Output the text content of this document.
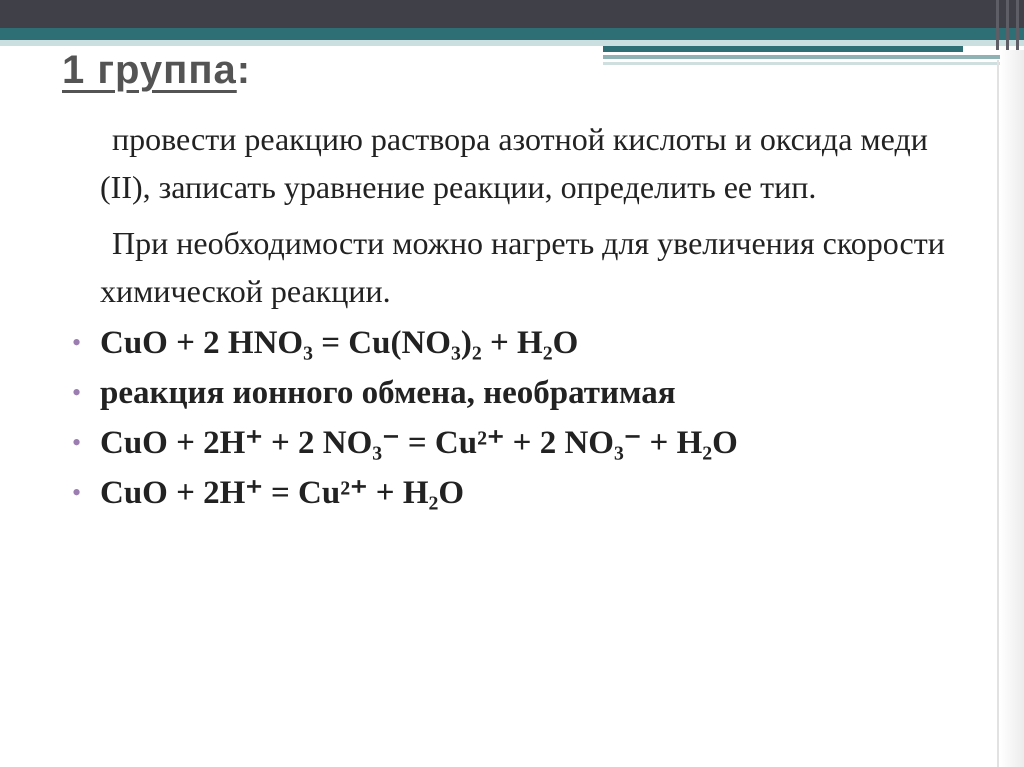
1 группа:

провести реакцию раствора азотной кислоты и оксида меди (II), записать уравнение реакции, определить ее тип.

При необходимости можно нагреть для увеличения скорости химической реакции.

• CuO + 2 HNO₃ = Cu(NO₃)₂ + H₂O
• реакция ионного обмена, необратимая
• CuO + 2H⁺ + 2 NO₃⁻ = Cu²⁺ + 2 NO₃⁻ + H₂O
• CuO + 2H⁺ = Cu²⁺ + H₂O
